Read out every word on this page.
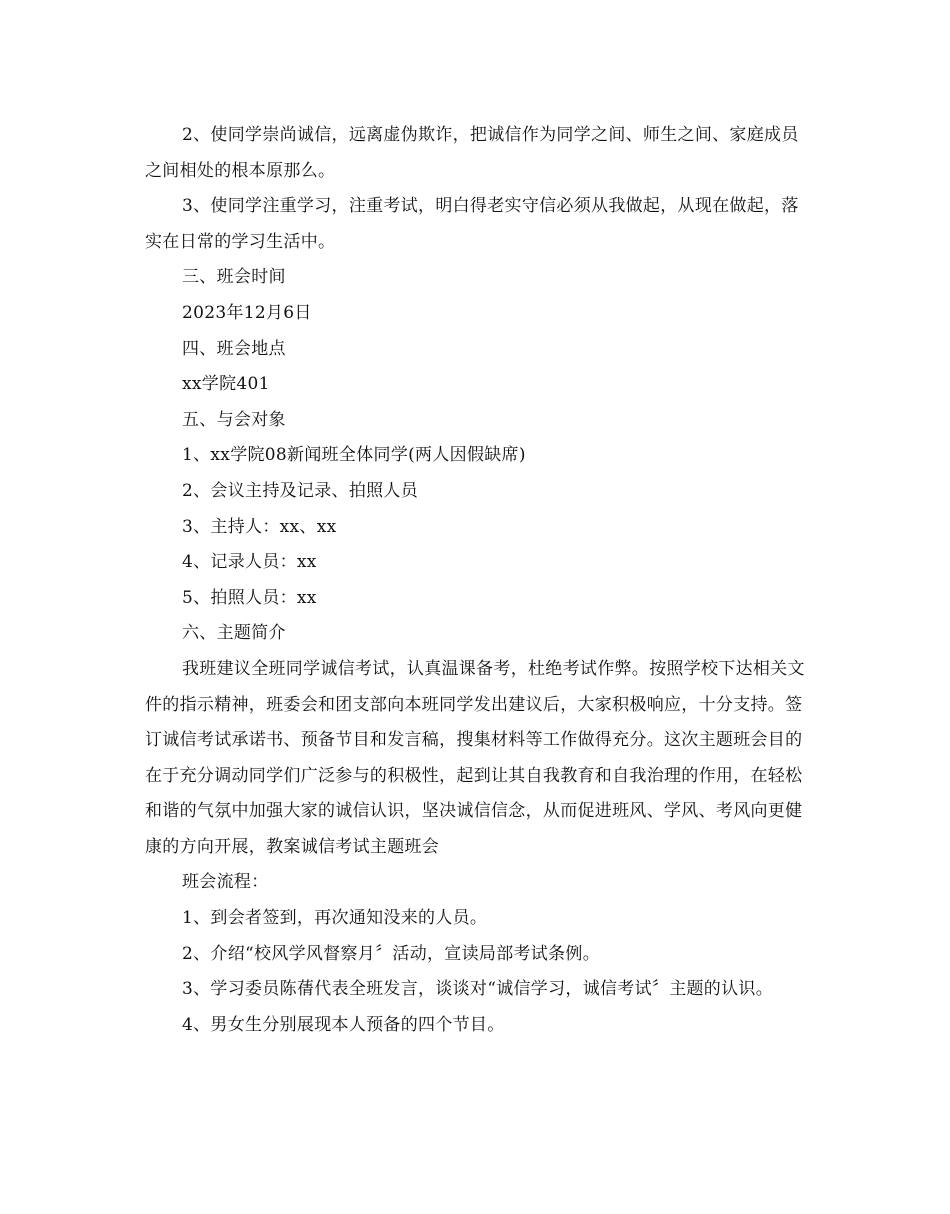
2、使同学崇尚诚信，远离虚伪欺诈，把诚信作为同学之间、师生之间、家庭成员之间相处的根本原那么。

3、使同学注重学习，注重考试，明白得老实守信必须从我做起，从现在做起，落实在日常的学习生活中。

三、班会时间

2023年12月6日

四、班会地点

xx学院401

五、与会对象

1、xx学院08新闻班全体同学(两人因假缺席)

2、会议主持及记录、拍照人员

3、主持人：xx、xx

4、记录人员：xx

5、拍照人员：xx

六、主题简介

我班建议全班同学诚信考试，认真温课备考，杜绝考试作弊。按照学校下达相关文件的指示精神，班委会和团支部向本班同学发出建议后，大家积极响应，十分支持。签订诚信考试承诺书、预备节目和发言稿，搜集材料等工作做得充分。这次主题班会目的在于充分调动同学们广泛参与的积极性，起到让其自我教育和自我治理的作用，在轻松和谐的气氛中加强大家的诚信认识，坚决诚信信念，从而促进班风、学风、考风向更健康的方向开展，教案诚信考试主题班会

班会流程：

1、到会者签到，再次通知没来的人员。

2、介绍“校风学风督察月〞活动，宣读局部考试条例。

3、学习委员陈蒨代表全班发言，谈谈对“诚信学习，诚信考试〞主题的认识。

4、男女生分别展现本人预备的四个节目。
